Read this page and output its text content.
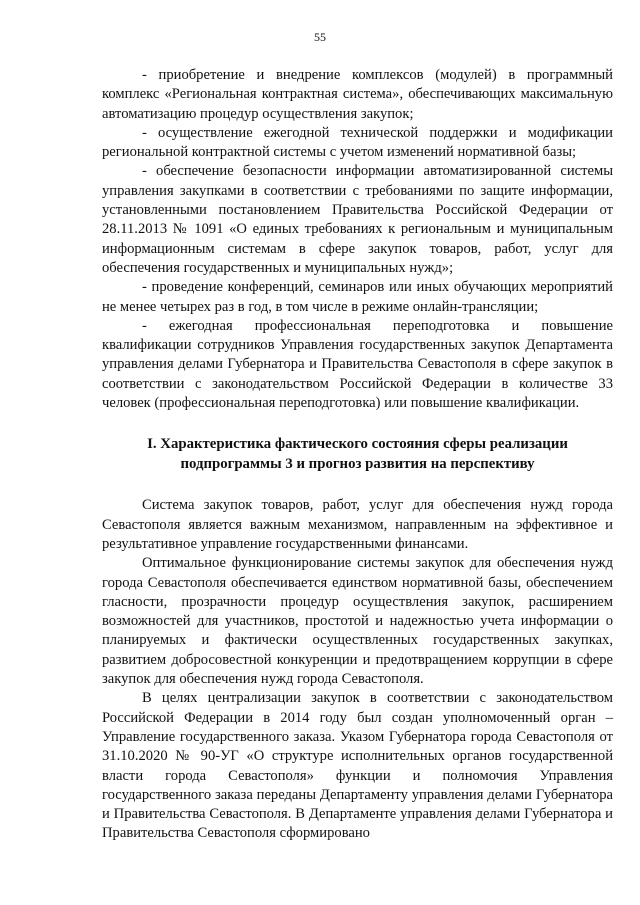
55

- приобретение и внедрение комплексов (модулей) в программный комплекс «Региональная контрактная система», обеспечивающих максимальную автоматизацию процедур осуществления закупок;

- осуществление ежегодной технической поддержки и модификации региональной контрактной системы с учетом изменений нормативной базы;

- обеспечение безопасности информации автоматизированной системы управления закупками в соответствии с требованиями по защите информации, установленными постановлением Правительства Российской Федерации от 28.11.2013 № 1091 «О единых требованиях к региональным и муниципальным информационным системам в сфере закупок товаров, работ, услуг для обеспечения государственных и муниципальных нужд»;

- проведение конференций, семинаров или иных обучающих мероприятий не менее четырех раз в год, в том числе в режиме онлайн-трансляции;

- ежегодная профессиональная переподготовка и повышение квалификации сотрудников Управления государственных закупок Департамента управления делами Губернатора и Правительства Севастополя в сфере закупок в соответствии с законодательством Российской Федерации в количестве 33 человек (профессиональная переподготовка) или повышение квалификации.

I. Характеристика фактического состояния сферы реализации
подпрограммы 3 и прогноз развития на перспективу

Система закупок товаров, работ, услуг для обеспечения нужд города Севастополя является важным механизмом, направленным на эффективное и результативное управление государственными финансами.

Оптимальное функционирование системы закупок для обеспечения нужд города Севастополя обеспечивается единством нормативной базы, обеспечением гласности, прозрачности процедур осуществления закупок, расширением возможностей для участников, простотой и надежностью учета информации о планируемых и фактически осуществленных государственных закупках, развитием добросовестной конкуренции и предотвращением коррупции в сфере закупок для обеспечения нужд города Севастополя.

В целях централизации закупок в соответствии с законодательством Российской Федерации в 2014 году был создан уполномоченный орган – Управление государственного заказа. Указом Губернатора города Севастополя от 31.10.2020 № 90-УГ «О структуре исполнительных органов государственной власти города Севастополя» функции и полномочия Управления государственного заказа переданы Департаменту управления делами Губернатора и Правительства Севастополя. В Департаменте управления делами Губернатора и Правительства Севастополя сформировано
